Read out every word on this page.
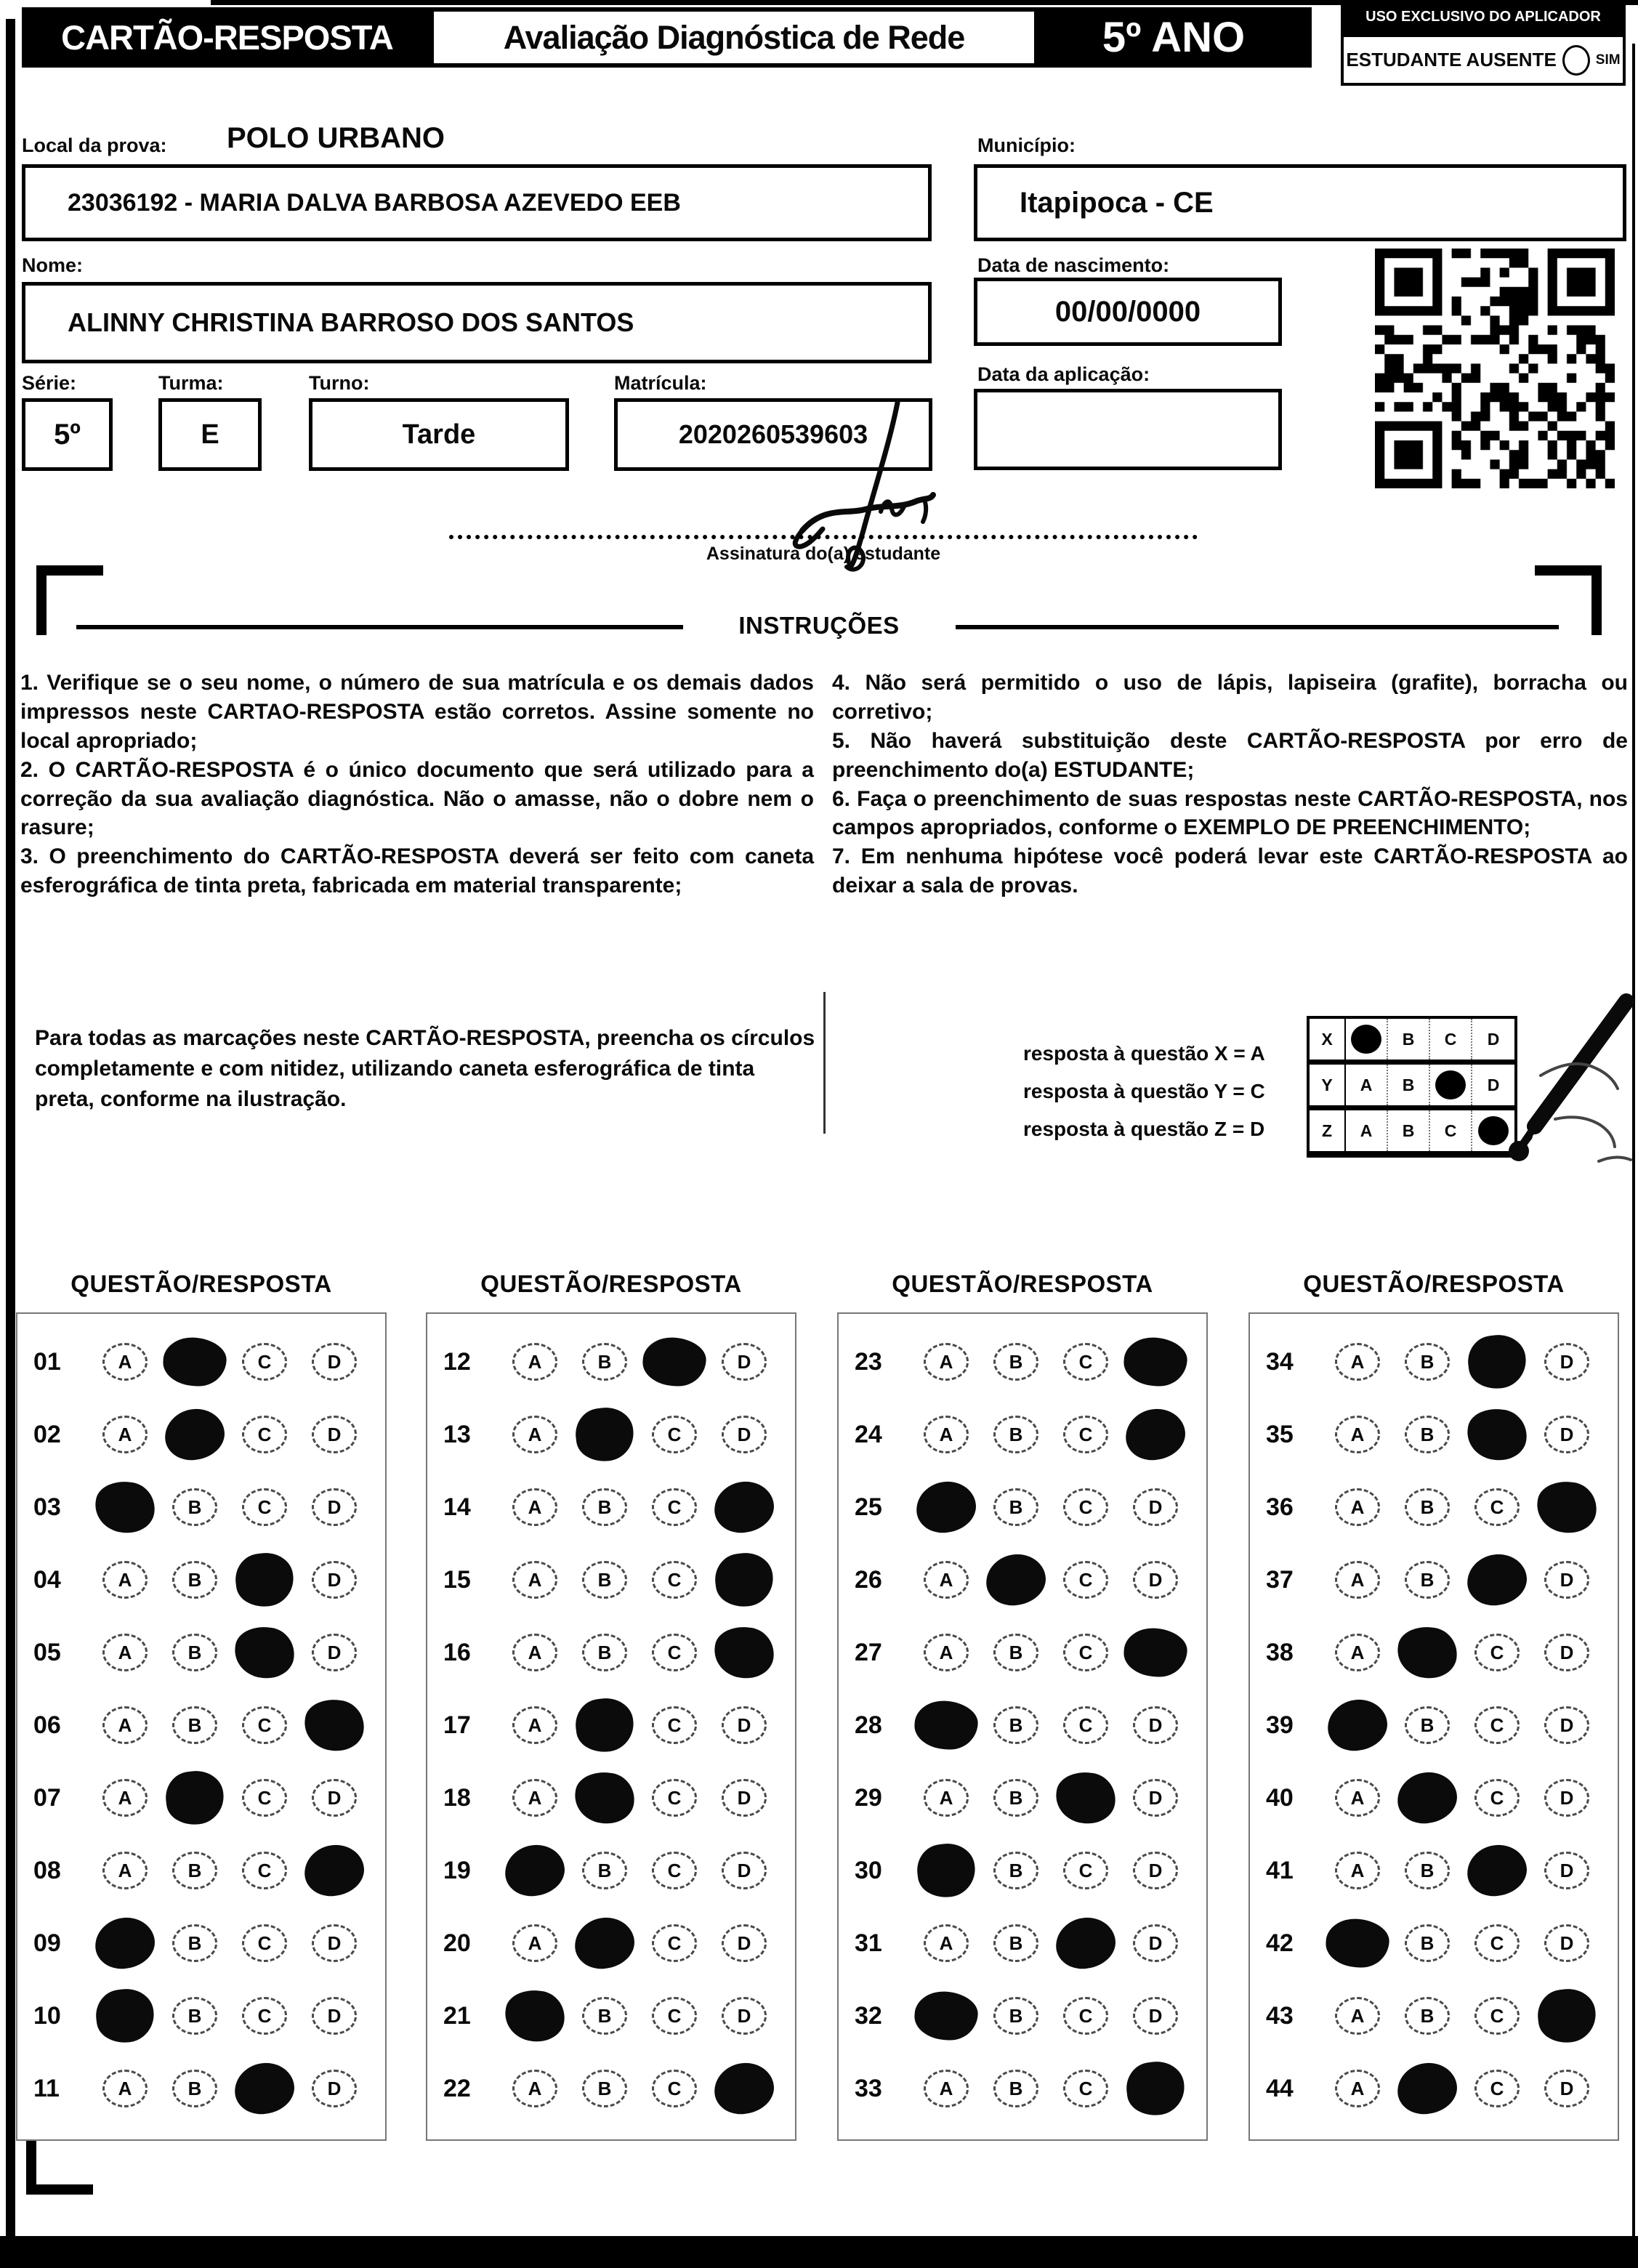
CARTÃO-RESPOSTA	Avaliação Diagnóstica de Rede	5º ANO	USO EXCLUSIVO DO APLICADOR
ESTUDANTE AUSENTE	SIM
Local da prova: POLO URBANO	Município:
23036192 - MARIA DALVA BARBOSA AZEVEDO EEB	Itapipoca - CE
Nome:	Data de nascimento:
ALINNY CHRISTINA BARROSO DOS SANTOS	00/00/0000
Série:	Turma:	Turno:	Matrícula:	Data da aplicação:
5º	E	Tarde	2020260539603
Assinatura do(a) estudante
INSTRUÇÕES

1. Verifique se o seu nome, o número de sua matrícula e os demais dados impressos neste CARTAO-RESPOSTA estão corretos. Assine somente no local apropriado;

2. O CARTÃO-RESPOSTA é o único documento que será utilizado para a correção da sua avaliação diagnóstica. Não o amasse, não o dobre nem o rasure;

3. O preenchimento do CARTÃO-RESPOSTA deverá ser feito com caneta esferográfica de tinta preta, fabricada em material transparente;

4. Não será permitido o uso de lápis, lapiseira (grafite), borracha ou corretivo;

5. Não haverá substituição deste CARTÃO-RESPOSTA por erro de preenchimento do(a) ESTUDANTE;

6. Faça o preenchimento de suas respostas neste CARTÃO-RESPOSTA, nos campos apropriados, conforme o EXEMPLO DE PREENCHIMENTO;

7. Em nenhuma hipótese você poderá levar este CARTÃO-RESPOSTA ao deixar a sala de provas.

Para todas as marcações neste CARTÃO-RESPOSTA, preencha os círculos completamente e com nitidez, utilizando caneta esferográfica de tinta preta, conforme na ilustração.
resposta à questão X = A
resposta à questão Y = C
resposta à questão Z = D
X	B C D
Y	A B	D
Z	A B C
QUESTÃO/RESPOSTA	QUESTÃO/RESPOSTA	QUESTÃO/RESPOSTA	QUESTÃO/RESPOSTA
01	A	C	D
02	A	C	D
03	B	C	D
04	A	B	D
05	A	B	D
06	A	B	C
07	A	C	D
08	A	B	C
09	B	C	D
10	B	C	D
11	A	B	D
12	A	B	D
13	A	C	D
14	A	B	C
15	A	B	C
16	A	B	C
17	A	C	D
18	A	C	D
19	B	C	D
20	A	C	D
21	B	C	D
22	A	B	C
23	A	B	C
24	A	B	C
25	B	C	D
26	A	C	D
27	A	B	C
28	B	C	D
29	A	B	D
30	B	C	D
31	A	B	D
32	B	C	D
33	A	B	C
34	A	B	D
35	A	B	D
36	A	B	C
37	A	B	D
38	A	C	D
39	B	C	D
40	A	C	D
41	A	B	D
42	B	C	D
43	A	B	C
44	A	C	D
